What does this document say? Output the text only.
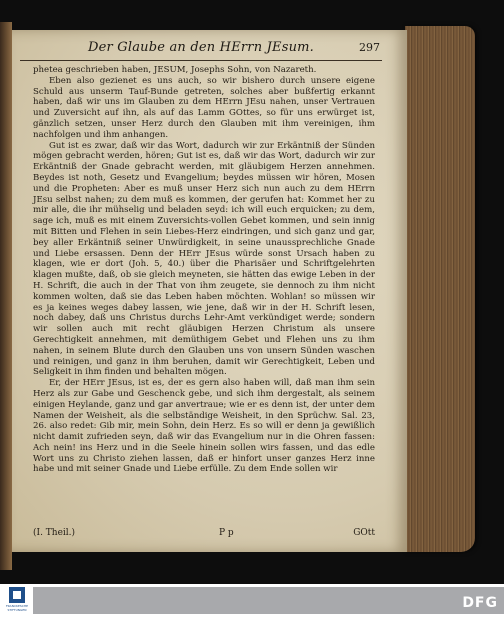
Der Glaube an den HErrn JEsum.	297

phetea geschrieben haben, JESUM, Josephs Sohn, von Nazareth.

Eben also gezienet es uns auch, so wir bishero durch unsere eigene Schuld aus unserm Tauf-Bunde getreten, solches aber bußfertig erkannt haben, daß wir uns im Glauben zu dem HErrn JEsu nahen, unser Vertrauen und Zuversicht auf ihn, als auf das Lamm GOttes, so für uns erwürget ist, gänzlich setzen, unser Herz durch den Glauben mit ihm vereinigen, ihm nachfolgen und ihm anhangen.

Gut ist es zwar, daß wir das Wort, dadurch wir zur Erkäntniß der Sünden mögen gebracht werden, hören; Gut ist es, daß wir das Wort, dadurch wir zur Erkäntniß der Gnade gebracht werden, mit gläubigem Herzen annehmen. Beydes ist noth, Gesetz und Evangelium; beydes müssen wir hören, Mosen und die Propheten: Aber es muß unser Herz sich nun auch zu dem HErrn JEsu selbst nahen; zu dem muß es kommen, der gerufen hat: Kommet her zu mir alle, die ihr mühselig und beladen seyd: ich will euch erquicken; zu dem, sage ich, muß es mit einem Zuversichts-vollen Gebet kommen, und sein innig mit Bitten und Flehen in sein Liebes-Herz eindringen, und sich ganz und gar, bey aller Erkäntniß seiner Unwürdigkeit, in seine unaussprechliche Gnade und Liebe ersassen. Denn der HErr JEsus würde sonst Ursach haben zu klagen, wie er dort (Joh. 5, 40.) über die Pharisäer und Schriftgelehrten klagen mußte, daß, ob sie gleich meyneten, sie hätten das ewige Leben in der H. Schrift, die auch in der That von ihm zeugete, sie dennoch zu ihm nicht kommen wolten, daß sie das Leben haben möchten. Wohlan! so müssen wir es ja keines weges dabey lassen, wie jene, daß wir in der H. Schrift lesen, noch dabey, daß uns Christus durchs Lehr-Amt verkündiget werde; sondern wir sollen auch mit recht gläubigen Herzen Christum als unsere Gerechtigkeit annehmen, mit demüthigem Gebet und Flehen uns zu ihm nahen, in seinem Blute durch den Glauben uns von unsern Sünden waschen und reinigen, und ganz in ihm beruhen, damit wir Gerechtigkeit, Leben und Seligkeit in ihm finden und behalten mögen.

Er, der HErr JEsus, ist es, der es gern also haben will, daß man ihm sein Herz als zur Gabe und Geschenck gebe, und sich ihm dergestalt, als seinem einigen Heylande, ganz und gar anvertraue; wie er es denn ist, der unter dem Namen der Weisheit, als die selbständige Weisheit, in den Sprüchw. Sal. 23, 26. also redet: Gib mir, mein Sohn, dein Herz. Es so will er denn ja gewißlich nicht damit zufrieden seyn, daß wir das Evangelium nur in die Ohren fassen: Ach nein! ins Herz und in die Seele hinein sollen wirs fassen, und das edle Wort uns zu Christo ziehen lassen, daß er hinfort unser ganzes Herz inne habe und mit seiner Gnade und Liebe erfülle. Zu dem Ende sollen wir

(I. Theil.)	P p	GOtt
FRANCKESCHE STIFTUNGEN	DFG
